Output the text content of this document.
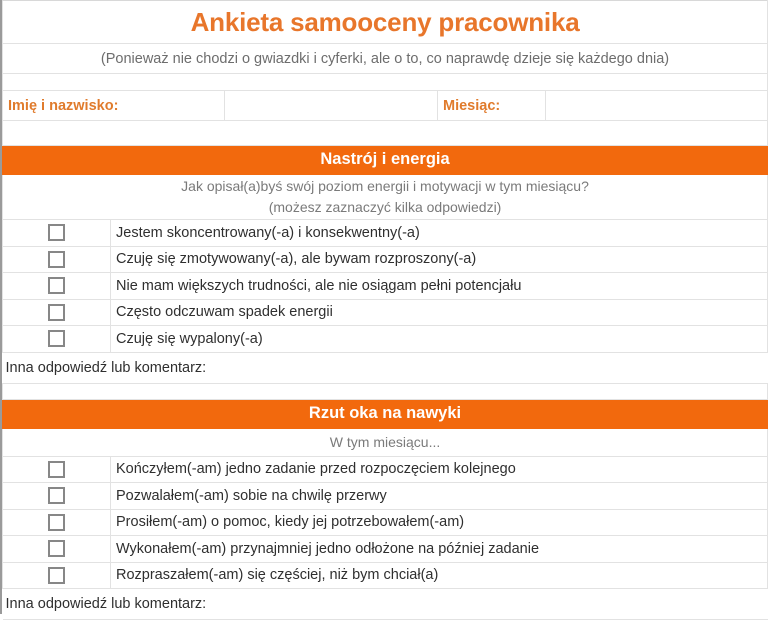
Ankieta samooceny pracownika				
(Ponieważ nie chodzi o gwiazdki i cyferki, ale o to, co naprawdę dzieje się każdego dnia)				

Imię i nazwisko:			Miesiąc:	

Nastrój i energia				

Jak opisał(a)byś swój poziom energii i motywacji w tym miesiącu?
(możesz zaznaczyć kilka odpowiedzi)				

	Jestem skoncentrowany(-a) i konsekwentny(-a)			
	Czuję się zmotywowany(-a), ale bywam rozproszony(-a)			
	Nie mam większych trudności, ale nie osiągam pełni potencjału			
	Często odczuwam spadek energii			
	Czuję się wypalony(-a)			
Inna odpowiedź lub komentarz:				

Rzut oka na nawyki				
W tym miesiącu...				
	Kończyłem(-am) jedno zadanie przed rozpoczęciem kolejnego			
	Pozwalałem(-am) sobie na chwilę przerwy			
	Prosiłem(-am) o pomoc, kiedy jej potrzebowałem(-am)			
	Wykonałem(-am) przynajmniej jedno odłożone na później zadanie			
	Rozpraszałem(-am) się częściej, niż bym chciał(a)			
Inna odpowiedź lub komentarz:				
